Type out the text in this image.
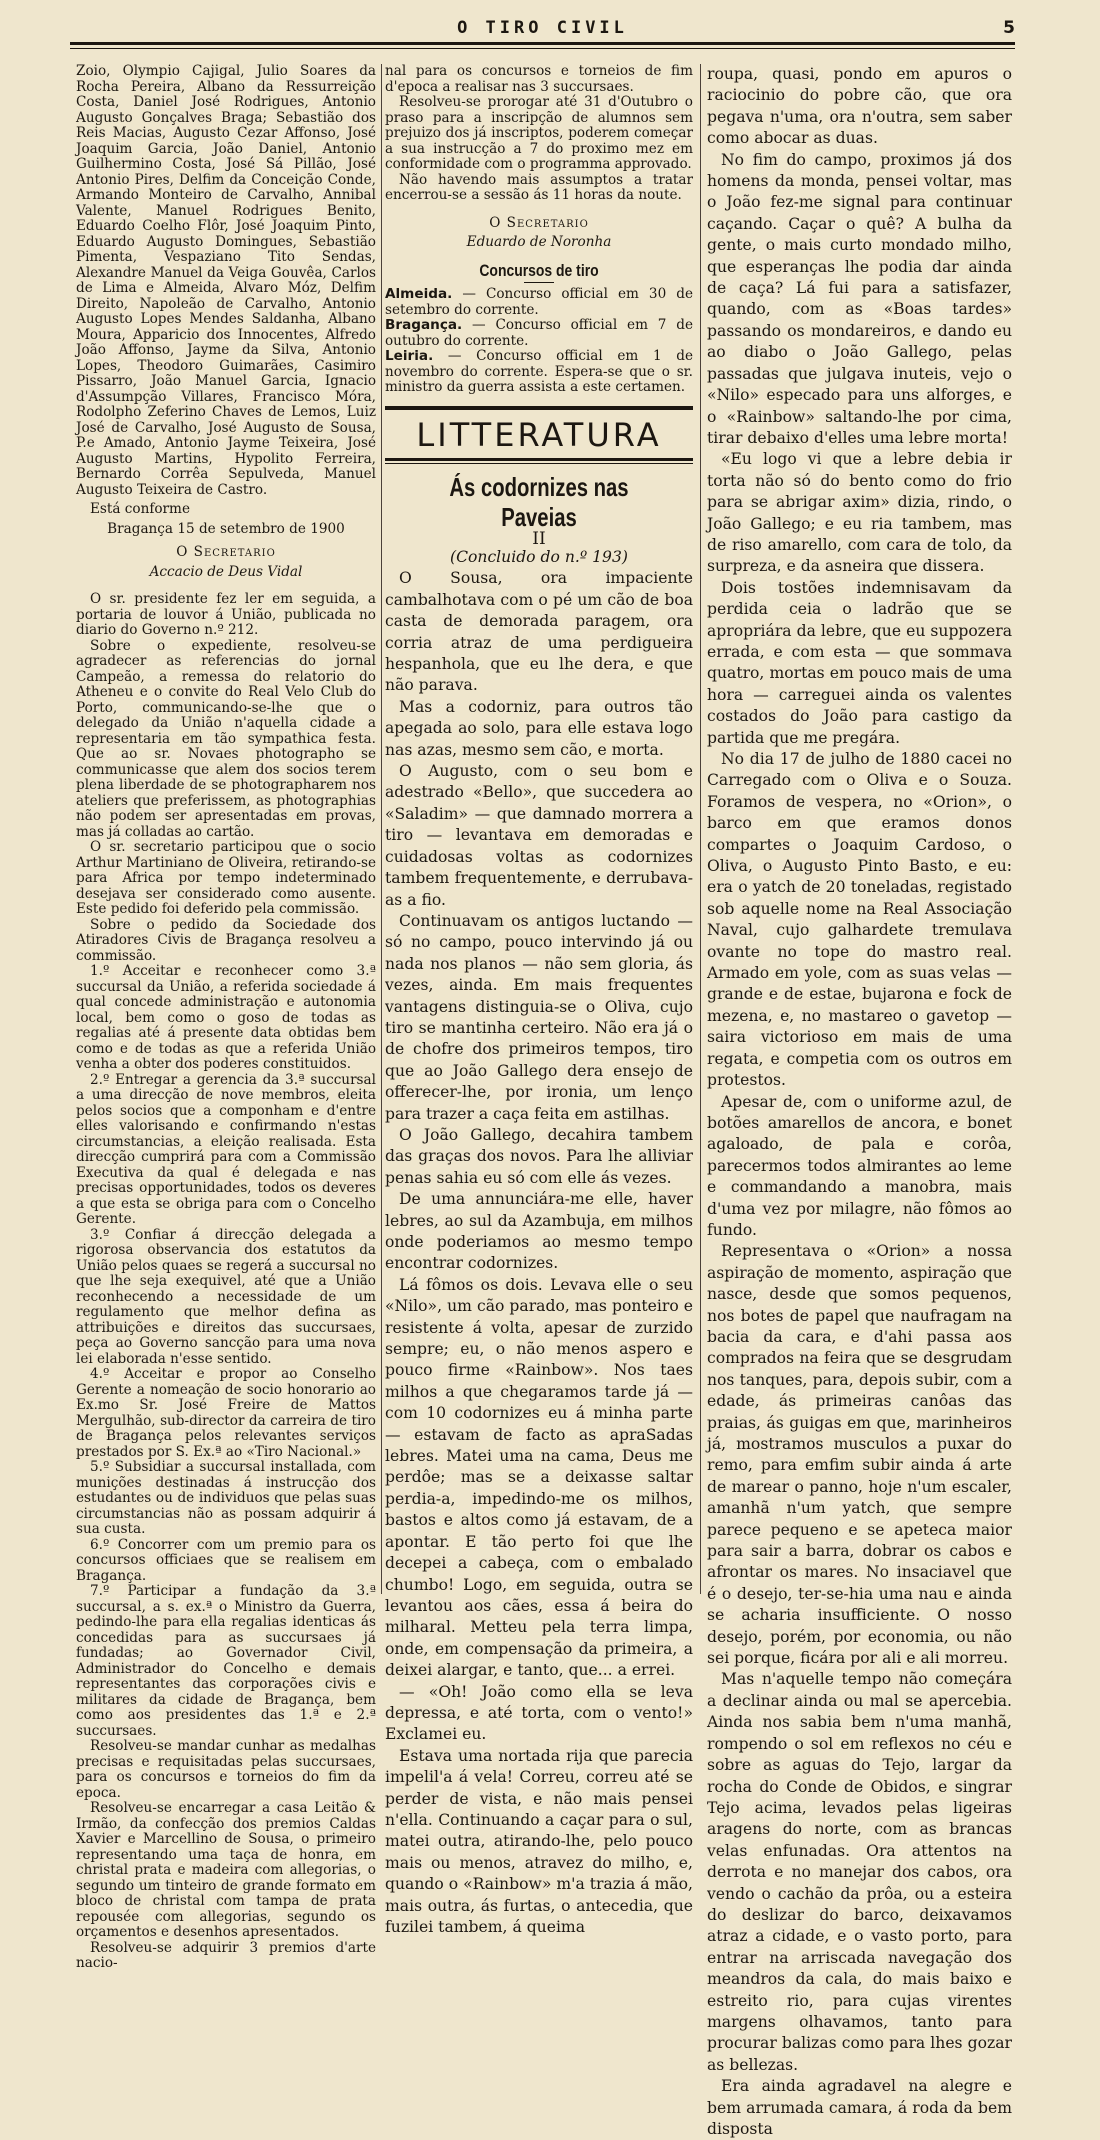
O TIRO CIVIL	5

Zoio, Olympio Cajigal, Julio Soares da Rocha Pereira, Albano da Ressurreição Costa, Daniel José Rodrigues, Antonio Augusto Gonçalves Braga; Sebastião dos Reis Macias, Augusto Cezar Affonso, José Joaquim Garcia, João Daniel, Antonio Guilhermino Costa, José Sá Pillão, José Antonio Pires, Delfim da Conceição Conde, Armando Monteiro de Carvalho, Annibal Valente, Manuel Rodrigues Benito, Eduardo Coelho Flôr, José Joaquim Pinto, Eduardo Augusto Domingues, Sebastião Pimenta, Vespaziano Tito Sendas, Alexandre Manuel da Veiga Gouvêa, Carlos de Lima e Almeida, Alvaro Móz, Delfim Direito, Napoleão de Carvalho, Antonio Augusto Lopes Mendes Saldanha, Albano Moura, Apparicio dos Innocentes, Alfredo João Affonso, Jayme da Silva, Antonio Lopes, Theodoro Guimarães, Casimiro Pissarro, João Manuel Garcia, Ignacio d'Assumpção Villares, Francisco Móra, Rodolpho Zeferino Chaves de Lemos, Luiz José de Carvalho, José Augusto de Sousa, P.e Amado, Antonio Jayme Teixeira, José Augusto Martins, Hypolito Ferreira, Bernardo Corrêa Sepulveda, Manuel Augusto Teixeira de Castro.

Está conforme

Bragança 15 de setembro de 1900

O Secretario

Accacio de Deus Vidal

O sr. presidente fez ler em seguida, a portaria de louvor á União, publicada no diario do Governo n.º 212.

Sobre o expediente, resolveu-se agradecer as referencias do jornal Campeão, a remessa do relatorio do Atheneu e o convite do Real Velo Club do Porto, communicando-se-lhe que o delegado da União n'aquella cidade a representaria em tão sympathica festa. Que ao sr. Novaes photographo se communicasse que alem dos socios terem plena liberdade de se photographarem nos ateliers que preferissem, as photographias não podem ser apresentadas em provas, mas já colladas ao cartão.

O sr. secretario participou que o socio Arthur Martiniano de Oliveira, retirando-se para Africa por tempo indeterminado desejava ser considerado como ausente. Este pedido foi deferido pela commissão.

Sobre o pedido da Sociedade dos Atiradores Civis de Bragança resolveu a commissão.

1.º Acceitar e reconhecer como 3.ª succursal da União, a referida sociedade á qual concede administração e autonomia local, bem como o goso de todas as regalias até á presente data obtidas bem como e de todas as que a referida União venha a obter dos poderes constituidos.

2.º Entregar a gerencia da 3.ª succursal a uma direcção de nove membros, eleita pelos socios que a componham e d'entre elles valorisando e confirmando n'estas circumstancias, a eleição realisada. Esta direcção cumprirá para com a Commissão Executiva da qual é delegada e nas precisas opportunidades, todos os deveres a que esta se obriga para com o Concelho Gerente.

3.º Confiar á direcção delegada a rigorosa observancia dos estatutos da União pelos quaes se regerá a succursal no que lhe seja exequivel, até que a União reconhecendo a necessidade de um regulamento que melhor defina as attribuições e direitos das succursaes, peça ao Governo sancção para uma nova lei elaborada n'esse sentido.

4.º Acceitar e propor ao Conselho Gerente a nomeação de socio honorario ao Ex.mo Sr. José Freire de Mattos Mergulhão, sub-director da carreira de tiro de Bragança pelos relevantes serviços prestados por S. Ex.ª ao «Tiro Nacional.»

5.º Subsidiar a succursal installada, com munições destinadas á instrucção dos estudantes ou de individuos que pelas suas circumstancias não as possam adquirir á sua custa.

6.º Concorrer com um premio para os concursos officiaes que se realisem em Bragança.

7.º Participar a fundação da 3.ª succursal, a s. ex.ª o Ministro da Guerra, pedindo-lhe para ella regalias identicas ás concedidas para as succursaes já fundadas; ao Governador Civil, Administrador do Concelho e demais representantes das corporações civis e militares da cidade de Bragança, bem como aos presidentes das 1.ª e 2.ª succursaes.

Resolveu-se mandar cunhar as medalhas precisas e requisitadas pelas succursaes, para os concursos e torneios do fim da epoca.

Resolveu-se encarregar a casa Leitão & Irmão, da confecção dos premios Caldas Xavier e Marcellino de Sousa, o primeiro representando uma taça de honra, em christal prata e madeira com allegorias, o segundo um tinteiro de grande formato em bloco de christal com tampa de prata repousée com allegorias, segundo os orçamentos e desenhos apresentados.

Resolveu-se adquirir 3 premios d'arte nacio-

nal para os concursos e torneios de fim d'epoca a realisar nas 3 succursaes.

Resolveu-se prorogar até 31 d'Outubro o praso para a inscripção de alumnos sem prejuizo dos já inscriptos, poderem começar a sua instrucção a 7 do proximo mez em conformidade com o programma approvado.

Não havendo mais assumptos a tratar encerrou-se a sessão ás 11 horas da noute.

O Secretario

Eduardo de Noronha

Concursos de tiro

Almeida. — Concurso official em 30 de setembro do corrente.

Bragança. — Concurso official em 7 de outubro do corrente.

Leiria. — Concurso official em 1 de novembro do corrente. Espera-se que o sr. ministro da guerra assista a este certamen.

LITTERATURA
Ás codornizes nas Paveias
II

(Concluido do n.º 193)

O Sousa, ora impaciente cambalhotava com o pé um cão de boa casta de demorada paragem, ora corria atraz de uma perdigueira hespanhola, que eu lhe dera, e que não parava.

Mas a codorniz, para outros tão apegada ao solo, para elle estava logo nas azas, mesmo sem cão, e morta.

O Augusto, com o seu bom e adestrado «Bello», que succedera ao «Saladim» — que damnado morrera a tiro — levantava em demoradas e cuidadosas voltas as codornizes tambem frequentemente, e derrubava-as a fio.

Continuavam os antigos luctando — só no campo, pouco intervindo já ou nada nos planos — não sem gloria, ás vezes, ainda. Em mais frequentes vantagens distinguia-se o Oliva, cujo tiro se mantinha certeiro. Não era já o de chofre dos primeiros tempos, tiro que ao João Gallego dera ensejo de offerecer-lhe, por ironia, um lenço para trazer a caça feita em astilhas.

O João Gallego, decahira tambem das graças dos novos. Para lhe alliviar penas sahia eu só com elle ás vezes.

De uma annunciára-me elle, haver lebres, ao sul da Azambuja, em milhos onde poderiamos ao mesmo tempo encontrar codornizes.

Lá fômos os dois. Levava elle o seu «Nilo», um cão parado, mas ponteiro e resistente á volta, apesar de zurzido sempre; eu, o não menos aspero e pouco firme «Rainbow». Nos taes milhos a que chegaramos tarde já — com 10 codornizes eu á minha parte — estavam de facto as apraSadas lebres. Matei uma na cama, Deus me perdôe; mas se a deixasse saltar perdia-a, impedindo-me os milhos, bastos e altos como já estavam, de a apontar. E tão perto foi que lhe decepei a cabeça, com o embalado chumbo! Logo, em seguida, outra se levantou aos cães, essa á beira do milharal. Metteu pela terra limpa, onde, em compensação da primeira, a deixei alargar, e tanto, que... a errei.

— «Oh! João como ella se leva depressa, e até torta, com o vento!» Exclamei eu.

Estava uma nortada rija que parecia impelil'a á vela! Correu, correu até se perder de vista, e não mais pensei n'ella. Continuando a caçar para o sul, matei outra, atirando-lhe, pelo pouco mais ou menos, atravez do milho, e, quando o «Rainbow» m'a trazia á mão, mais outra, ás furtas, o antecedia, que fuzilei tambem, á queima

roupa, quasi, pondo em apuros o raciocinio do pobre cão, que ora pegava n'uma, ora n'outra, sem saber como abocar as duas.

No fim do campo, proximos já dos homens da monda, pensei voltar, mas o João fez-me signal para continuar caçando. Caçar o quê? A bulha da gente, o mais curto mondado milho, que esperanças lhe podia dar ainda de caça? Lá fui para a satisfazer, quando, com as «Boas tardes» passando os mondareiros, e dando eu ao diabo o João Gallego, pelas passadas que julgava inuteis, vejo o «Nilo» especado para uns alforges, e o «Rainbow» saltando-lhe por cima, tirar debaixo d'elles uma lebre morta!

«Eu logo vi que a lebre debia ir torta não só do bento como do frio para se abrigar axim» dizia, rindo, o João Gallego; e eu ria tambem, mas de riso amarello, com cara de tolo, da surpreza, e da asneira que dissera.

Dois tostões indemnisavam da perdida ceia o ladrão que se apropriára da lebre, que eu suppozera errada, e com esta — que sommava quatro, mortas em pouco mais de uma hora — carreguei ainda os valentes costados do João para castigo da partida que me pregára.

No dia 17 de julho de 1880 cacei no Carregado com o Oliva e o Souza. Foramos de vespera, no «Orion», o barco em que eramos donos compartes o Joaquim Cardoso, o Oliva, o Augusto Pinto Basto, e eu: era o yatch de 20 toneladas, registado sob aquelle nome na Real Associação Naval, cujo galhardete tremulava ovante no tope do mastro real. Armado em yole, com as suas velas — grande e de estae, bujarona e fock de mezena, e, no mastareo o gavetop — saira victorioso em mais de uma regata, e competia com os outros em protestos.

Apesar de, com o uniforme azul, de botões amarellos de ancora, e bonet agaloado, de pala e corôa, parecermos todos almirantes ao leme e commandando a manobra, mais d'uma vez por milagre, não fômos ao fundo.

Representava o «Orion» a nossa aspiração de momento, aspiração que nasce, desde que somos pequenos, nos botes de papel que naufragam na bacia da cara, e d'ahi passa aos comprados na feira que se desgrudam nos tanques, para, depois subir, com a edade, ás primeiras canôas das praias, ás guigas em que, marinheiros já, mostramos musculos a puxar do remo, para emfim subir ainda á arte de marear o panno, hoje n'um escaler, amanhã n'um yatch, que sempre parece pequeno e se apeteca maior para sair a barra, dobrar os cabos e afrontar os mares. No insaciavel que é o desejo, ter-se-hia uma nau e ainda se acharia insufficiente. O nosso desejo, porém, por economia, ou não sei porque, ficára por ali e ali morreu.

Mas n'aquelle tempo não começára a declinar ainda ou mal se apercebia. Ainda nos sabia bem n'uma manhã, rompendo o sol em reflexos no céu e sobre as aguas do Tejo, largar da rocha do Conde de Obidos, e singrar Tejo acima, levados pelas ligeiras aragens do norte, com as brancas velas enfunadas. Ora attentos na derrota e no manejar dos cabos, ora vendo o cachão da prôa, ou a esteira do deslizar do barco, deixavamos atraz a cidade, e o vasto porto, para entrar na arriscada navegação dos meandros da cala, do mais baixo e estreito rio, para cujas virentes margens olhavamos, tanto para procurar balizas como para lhes gozar as bellezas.

Era ainda agradavel na alegre e bem arrumada camara, á roda da bem disposta
